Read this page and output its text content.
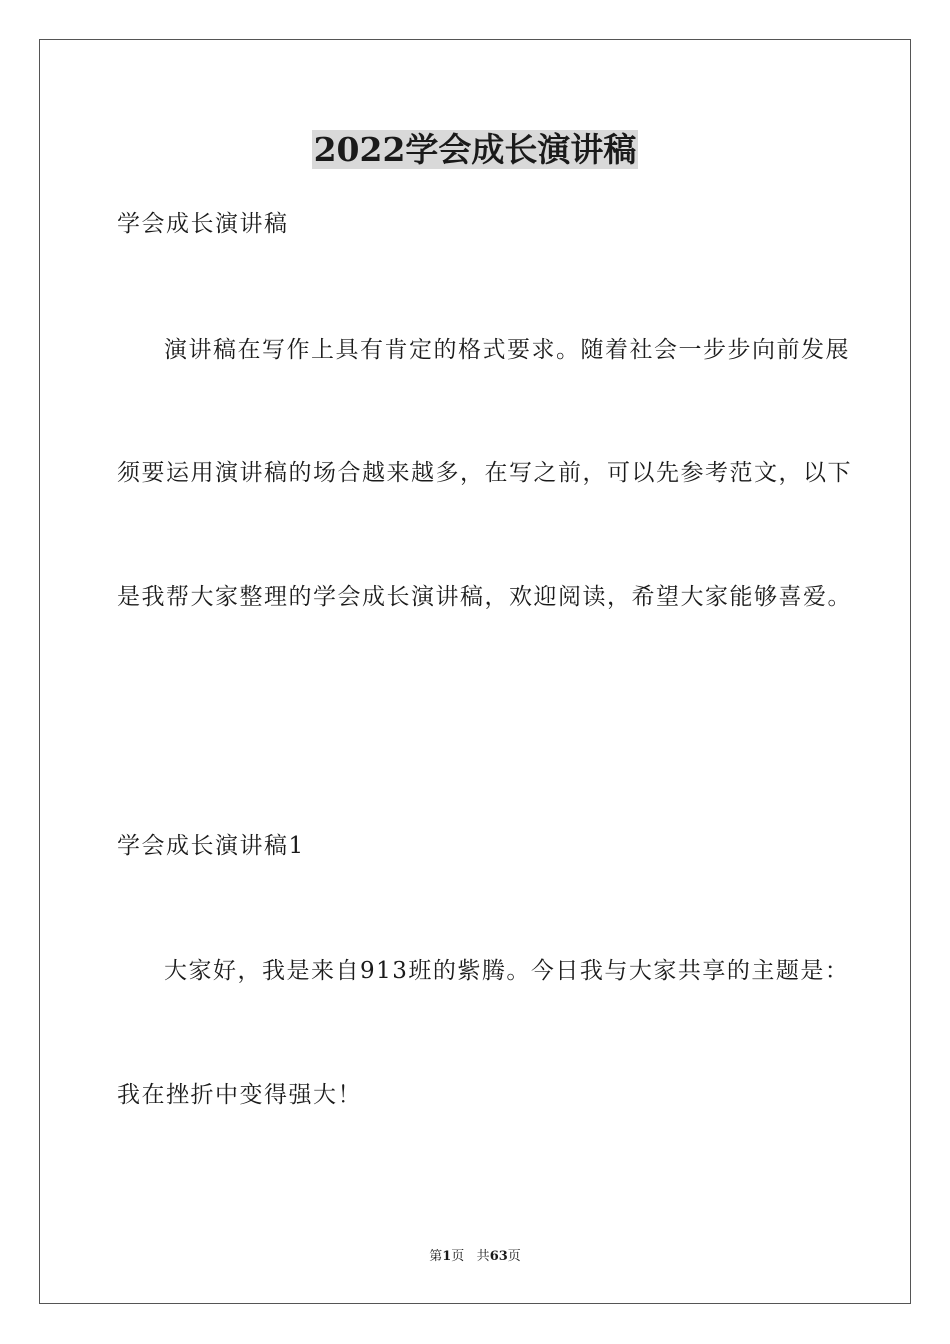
2022学会成长演讲稿
学会成长演讲稿
演讲稿在写作上具有肯定的格式要求。随着社会一步步向前发展
须要运用演讲稿的场合越来越多，在写之前，可以先参考范文，以下
是我帮大家整理的学会成长演讲稿，欢迎阅读，希望大家能够喜爱。
学会成长演讲稿1
大家好，我是来自913班的紫腾。今日我与大家共享的主题是：
我在挫折中变得强大！
第1页 共63页
